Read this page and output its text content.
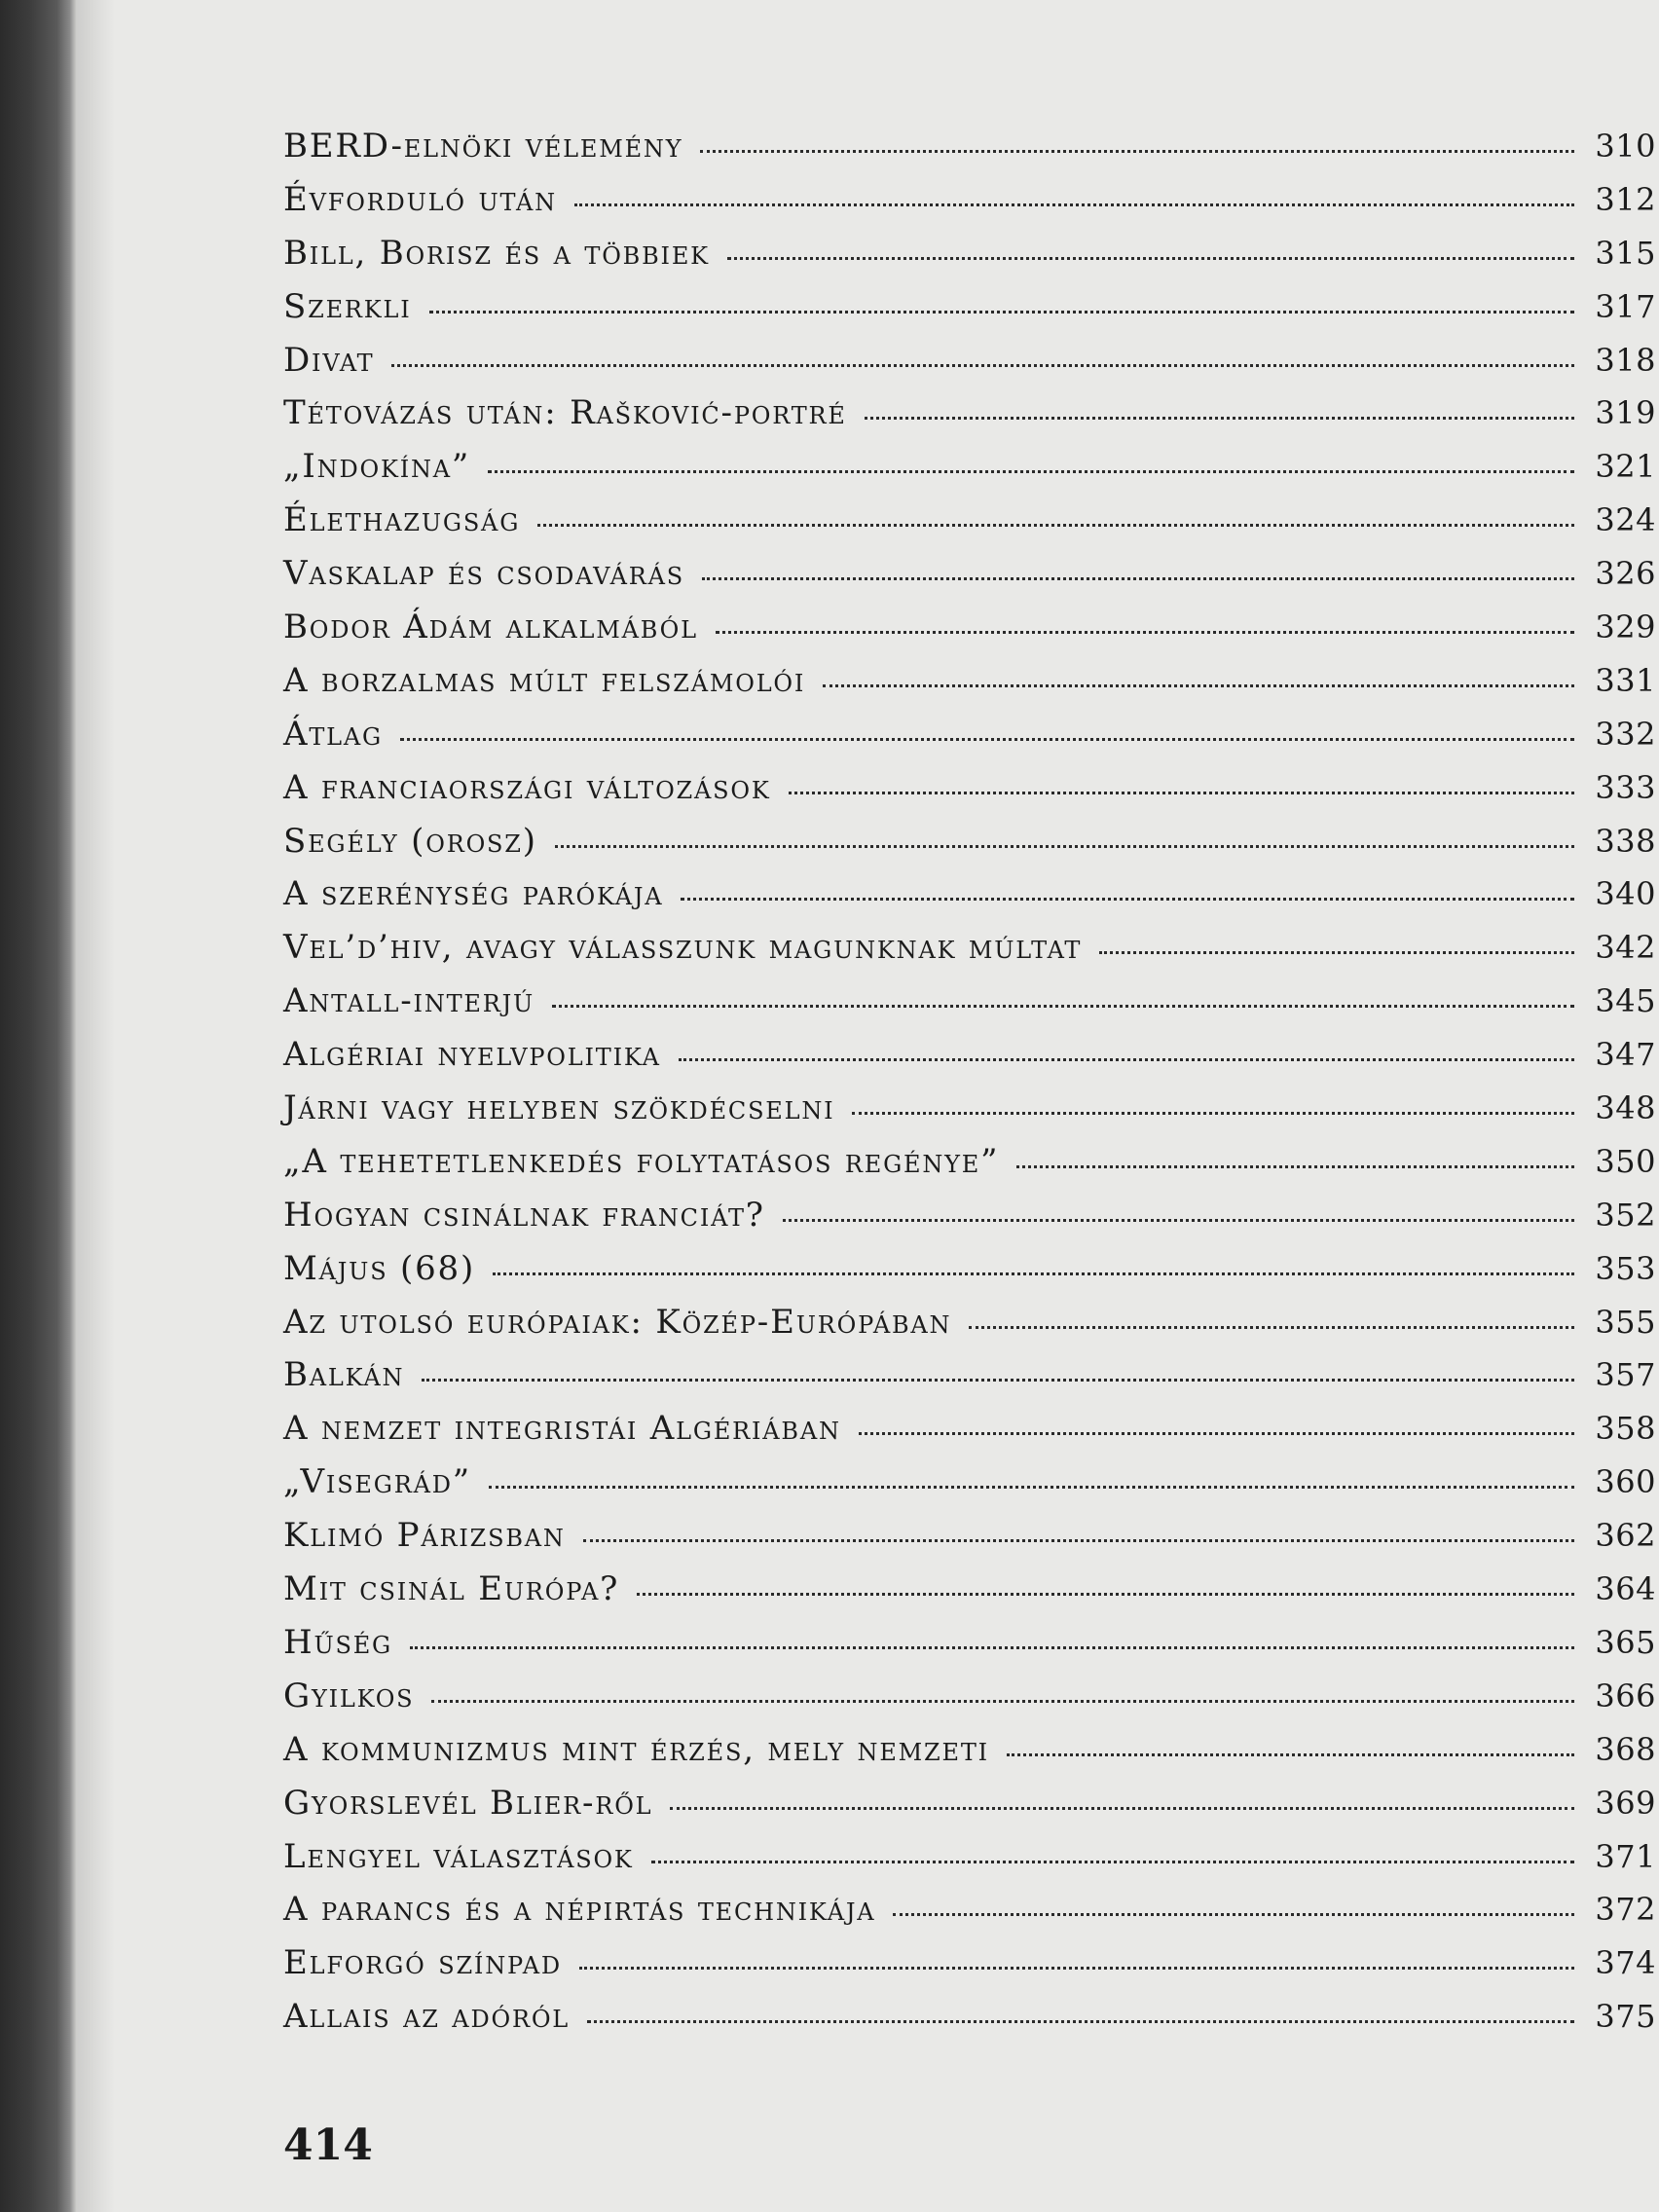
BERD-elnöki vélemény	310
Évforduló után	312
Bill, Borisz és a többiek	315
Szerkli	317
Divat	318
Tétovázás után: Rašković-portré	319
„Indokína”	321
Élethazugság	324
Vaskalap és csodavárás	326
Bodor Ádám alkalmából	329
A borzalmas múlt felszámolói	331
Átlag	332
A franciaországi változások	333
Segély (orosz)	338
A szerénység parókája	340
Vel’d’hiv, avagy válasszunk magunknak múltat	342
Antall-interjú	345
Algériai nyelvpolitika	347
Járni vagy helyben szökdécselni	348
„A tehetetlenkedés folytatásos regénye”	350
Hogyan csinálnak franciát?	352
Május (68)	353
Az utolsó európaiak: Közép-Európában	355
Balkán	357
A nemzet integristái Algériában	358
„Visegrád”	360
Klimó Párizsban	362
Mit csinál Európa?	364
Hűség	365
Gyilkos	366
A kommunizmus mint érzés, mely nemzeti	368
Gyorslevél Blier-ről	369
Lengyel választások	371
A parancs és a népirtás technikája	372
Elforgó színpad	374
Allais az adóról	375

414
